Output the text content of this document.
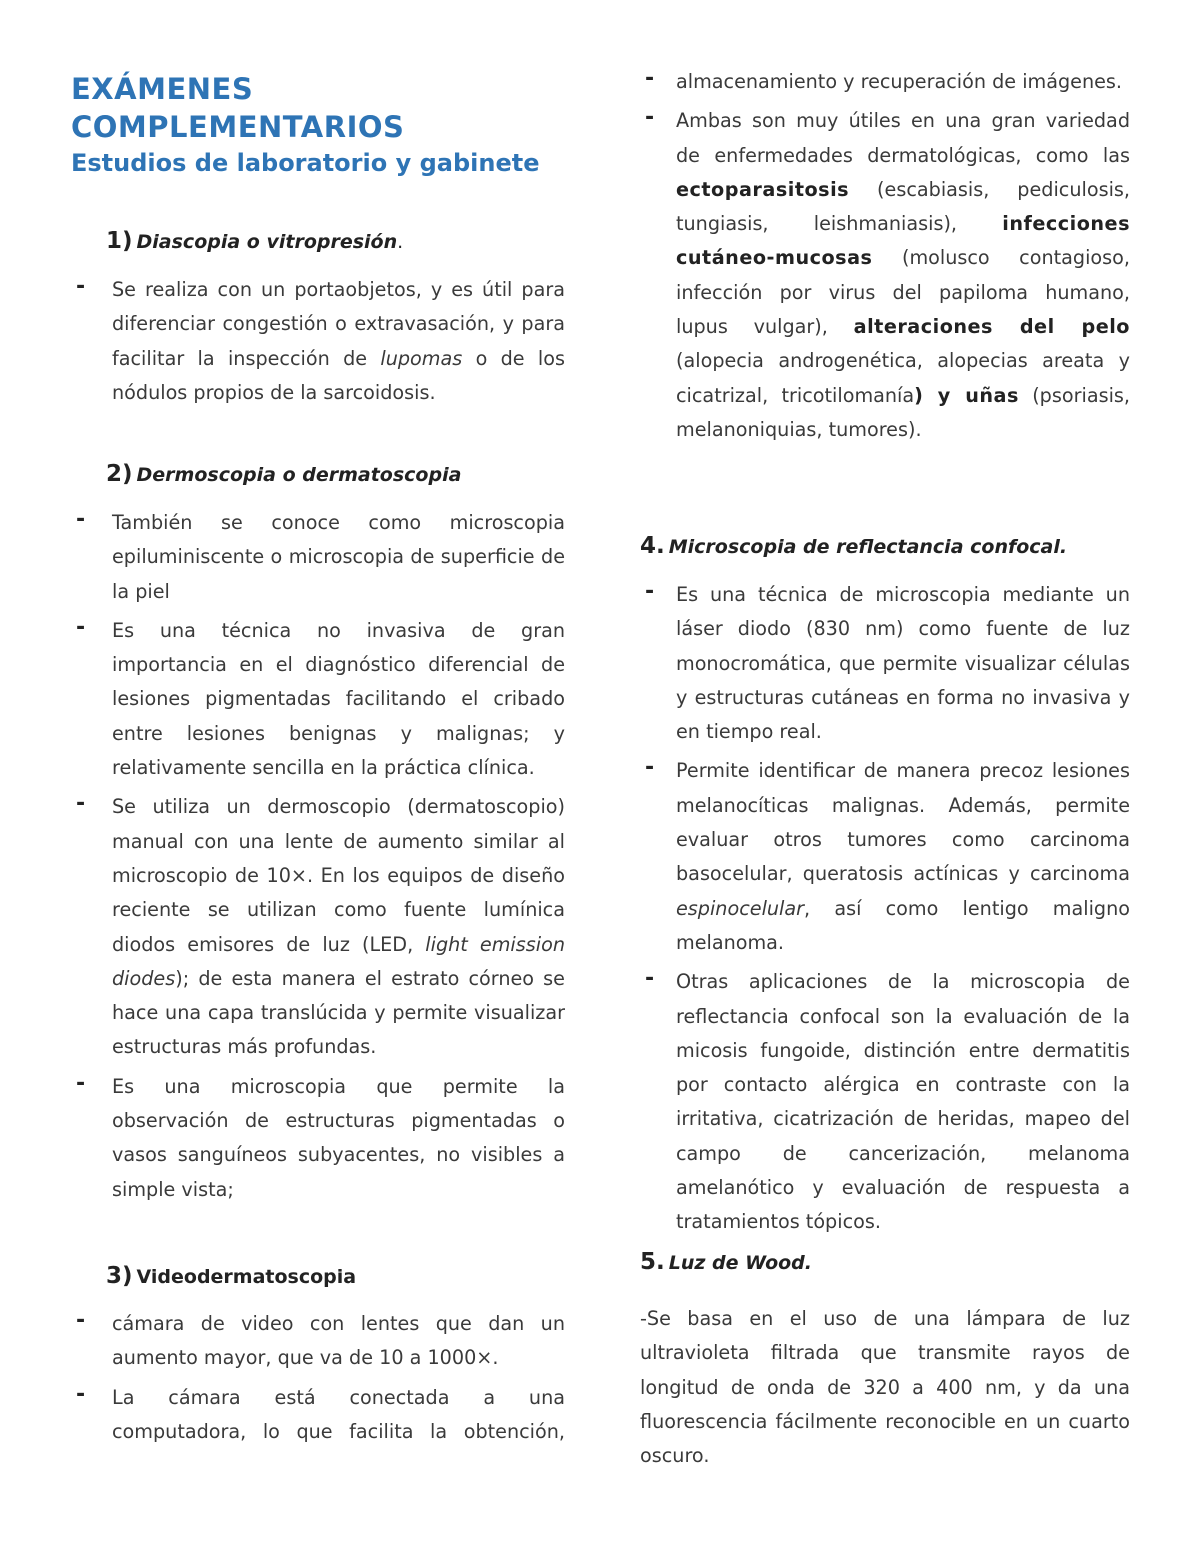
EXÁMENES COMPLEMENTARIOS
Estudios de laboratorio y gabinete
1) Diascopia o vitropresión.
- Se realiza con un portaobjetos, y es útil para diferenciar congestión o extravasación, y para facilitar la inspección de lupomas o de los nódulos propios de la sarcoidosis.
2) Dermoscopia o dermatoscopia
- También se conoce como microscopia epiluminiscente o microscopia de superficie de la piel
- Es una técnica no invasiva de gran importancia en el diagnóstico diferencial de lesiones pigmentadas facilitando el cribado entre lesiones benignas y malignas; y relativamente sencilla en la práctica clínica.
- Se utiliza un dermoscopio (dermatoscopio) manual con una lente de aumento similar al microscopio de 10×. En los equipos de diseño reciente se utilizan como fuente lumínica diodos emisores de luz (LED, light emission diodes); de esta manera el estrato córneo se hace una capa translúcida y permite visualizar estructuras más profundas.
- Es una microscopia que permite la observación de estructuras pigmentadas o vasos sanguíneos subyacentes, no visibles a simple vista;
3) Videodermatoscopia
- cámara de video con lentes que dan un aumento mayor, que va de 10 a 1000×.
- La cámara está conectada a una computadora, lo que facilita la obtención,
- almacenamiento y recuperación de imágenes.
- Ambas son muy útiles en una gran variedad de enfermedades dermatológicas, como las ectoparasitosis (escabiasis, pediculosis, tungiasis, leishmaniasis), infecciones cutáneo-mucosas (molusco contagioso, infección por virus del papiloma humano, lupus vulgar), alteraciones del pelo (alopecia androgenética, alopecias areata y cicatrizal, tricotilomanía) y uñas (psoriasis, melanoniquias, tumores).
4. Microscopia de reflectancia confocal.
- Es una técnica de microscopia mediante un láser diodo (830 nm) como fuente de luz monocromática, que permite visualizar células y estructuras cutáneas en forma no invasiva y en tiempo real.
- Permite identificar de manera precoz lesiones melanocíticas malignas. Además, permite evaluar otros tumores como carcinoma basocelular, queratosis actínicas y carcinoma espinocelular, así como lentigo maligno melanoma.
- Otras aplicaciones de la microscopia de reflectancia confocal son la evaluación de la micosis fungoide, distinción entre dermatitis por contacto alérgica en contraste con la irritativa, cicatrización de heridas, mapeo del campo de cancerización, melanoma amelanótico y evaluación de respuesta a tratamientos tópicos.
5. Luz de Wood.

-Se basa en el uso de una lámpara de luz ultravioleta filtrada que transmite rayos de longitud de onda de 320 a 400 nm, y da una fluorescencia fácilmente reconocible en un cuarto oscuro.
